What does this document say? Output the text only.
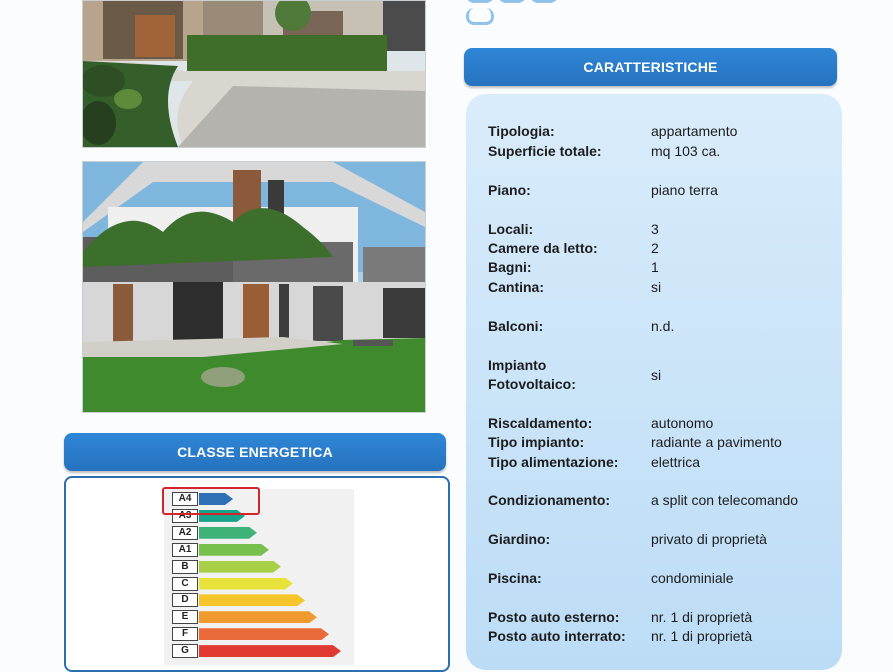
CARATTERISTICHE
CLASSE ENERGETICA
Tipologia:	appartamento
Superficie totale:	mq 103 ca.
Piano:	piano terra
Locali:	3
Camere da letto:	2
Bagni:	1
Cantina:	si
Balconi:	n.d.
Impianto
Fotovoltaico:
si
Riscaldamento:	autonomo
Tipo impianto:	radiante a pavimento
Tipo alimentazione: elettrica
Condizionamento:	a split con telecomando
Giardino:	privato di proprietà
Piscina:	condominiale
Posto auto esterno: nr. 1 di proprietà
Posto auto interrato: nr. 1 di proprietà
A4
A3
A2
A1
B
C
D
E
F
G
